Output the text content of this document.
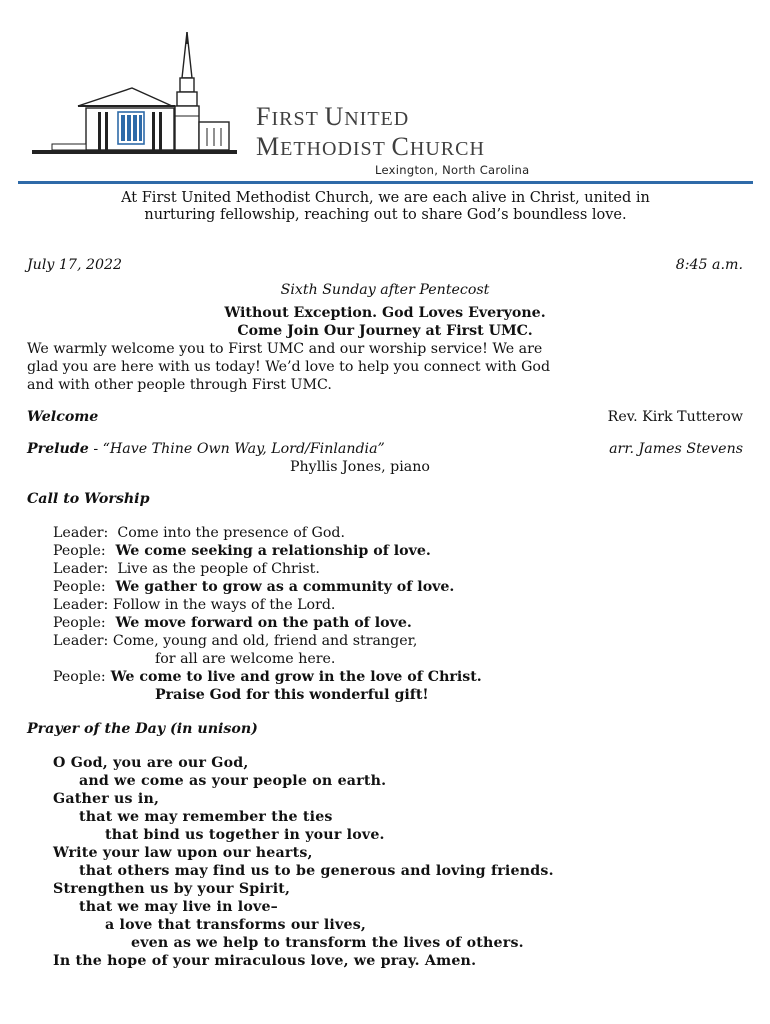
FIRST UNITED
METHODIST CHURCH
Lexington, North Carolina
At First United Methodist Church, we are each alive in Christ, united in
nurturing fellowship, reaching out to share God’s boundless love.
July 17, 2022	8:45 a.m.
Sixth Sunday after Pentecost
Without Exception. God Loves Everyone.
Come Join Our Journey at First UMC.
We warmly welcome you to First UMC and our worship service! We are
glad you are here with us today! We’d love to help you connect with God
and with other people through First UMC.
Welcome	Rev. Kirk Tutterow
Prelude - “Have Thine Own Way, Lord/Finlandia”	arr. James Stevens
Phyllis Jones, piano
Call to Worship
Leader:  Come into the presence of God.
People:  We come seeking a relationship of love.
Leader:  Live as the people of Christ.
People:  We gather to grow as a community of love.
Leader: Follow in the ways of the Lord.
People:  We move forward on the path of love.
Leader: Come, young and old, friend and stranger,
for all are welcome here.
People: We come to live and grow in the love of Christ.
Praise God for this wonderful gift!
Prayer of the Day (in unison)
O God, you are our God,
and we come as your people on earth.
Gather us in,
that we may remember the ties
that bind us together in your love.
Write your law upon our hearts,
that others may find us to be generous and loving friends.
Strengthen us by your Spirit,
that we may live in love–
a love that transforms our lives,
even as we help to transform the lives of others.
In the hope of your miraculous love, we pray. Amen.
